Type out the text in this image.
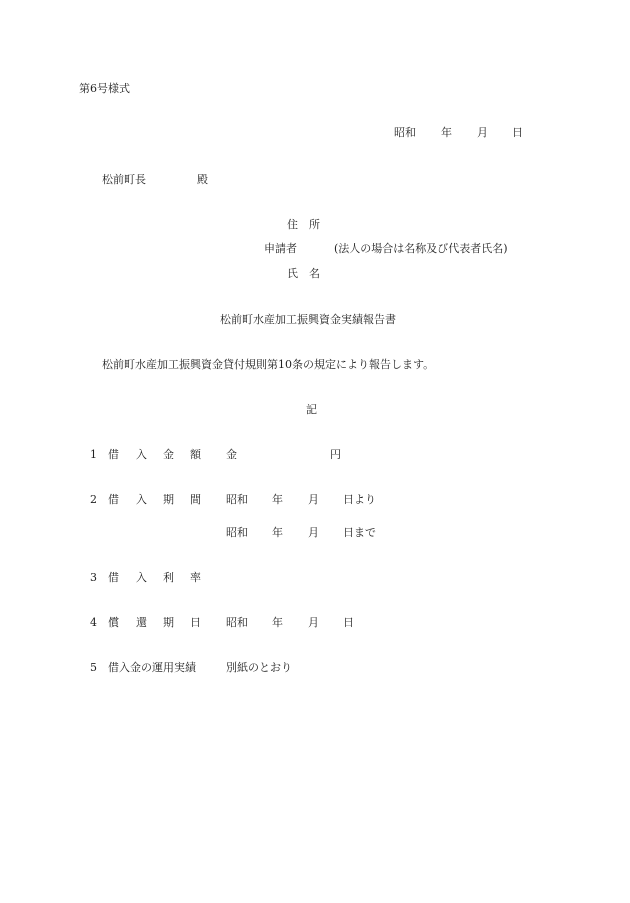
第6号様式
昭和 年 月 日
松前町長	殿
住　所
申請者	(法人の場合は名称及び代表者氏名)
氏　名
松前町水産加工振興資金実績報告書
松前町水産加工振興資金貸付規則第10条の規定により報告します。
記
1 借 入 金 額 金	円
2 借 入 期 間 昭和 年 月 日より
昭和 年 月 日まで
3 借 入 利 率
4 償 還 期 日 昭和 年 月 日
5 借入金の運用実績	別紙のとおり
